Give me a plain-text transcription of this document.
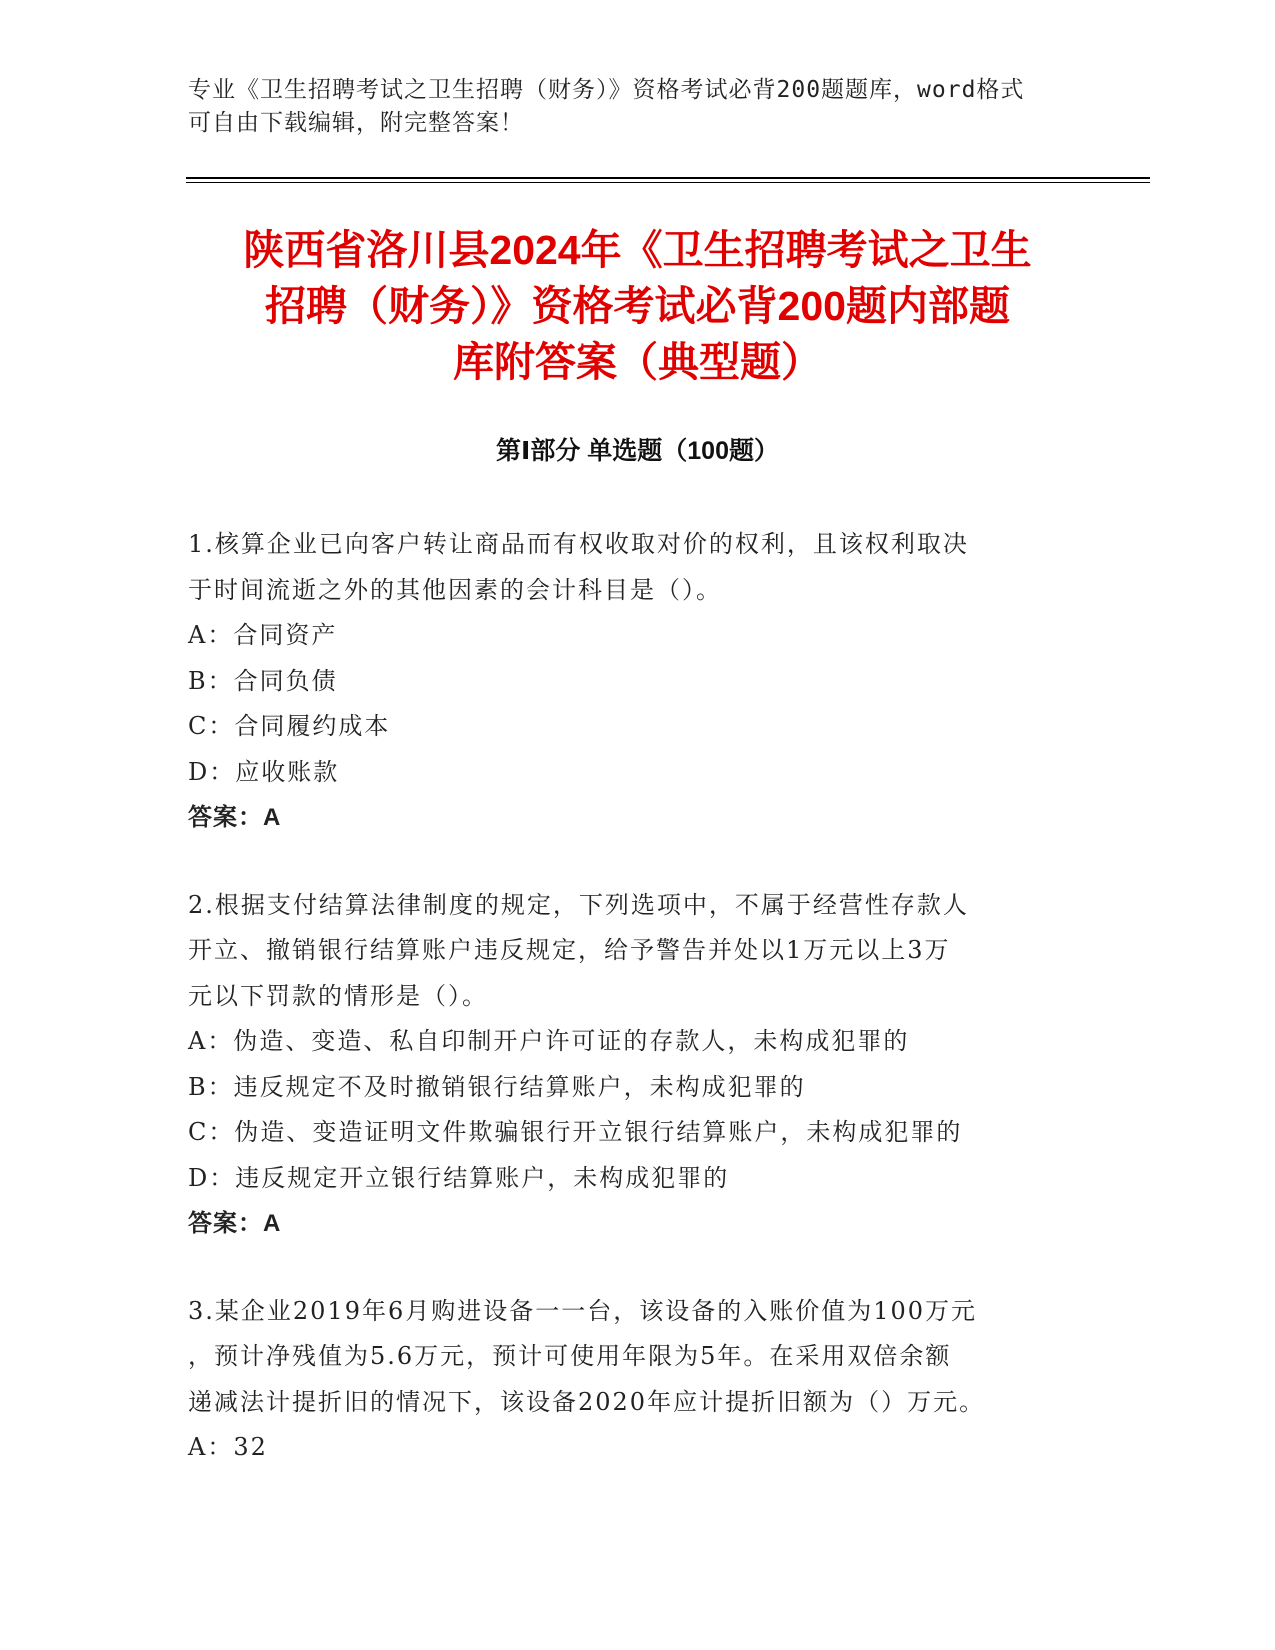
专业《卫生招聘考试之卫生招聘（财务）》资格考试必背200题题库，word格式
可自由下载编辑，附完整答案！
陕西省洛川县2024年《卫生招聘考试之卫生
招聘（财务）》资格考试必背200题内部题
库附答案（典型题）
第Ⅰ部分 单选题（100题）
1.核算企业已向客户转让商品而有权收取对价的权利，且该权利取决
于时间流逝之外的其他因素的会计科目是（）。
A：合同资产
B：合同负债
C：合同履约成本
D：应收账款
答案：A
2.根据支付结算法律制度的规定，下列选项中，不属于经营性存款人
开立、撤销银行结算账户违反规定，给予警告并处以1万元以上3万
元以下罚款的情形是（）。
A：伪造、变造、私自印制开户许可证的存款人，未构成犯罪的
B：违反规定不及时撤销银行结算账户，未构成犯罪的
C：伪造、变造证明文件欺骗银行开立银行结算账户，未构成犯罪的
D：违反规定开立银行结算账户，未构成犯罪的
答案：A
3.某企业2019年6月购进设备一一台，该设备的入账价值为100万元
，预计净残值为5.6万元，预计可使用年限为5年。在采用双倍余额
递减法计提折旧的情况下，该设备2020年应计提折旧额为（）万元。
A：32
